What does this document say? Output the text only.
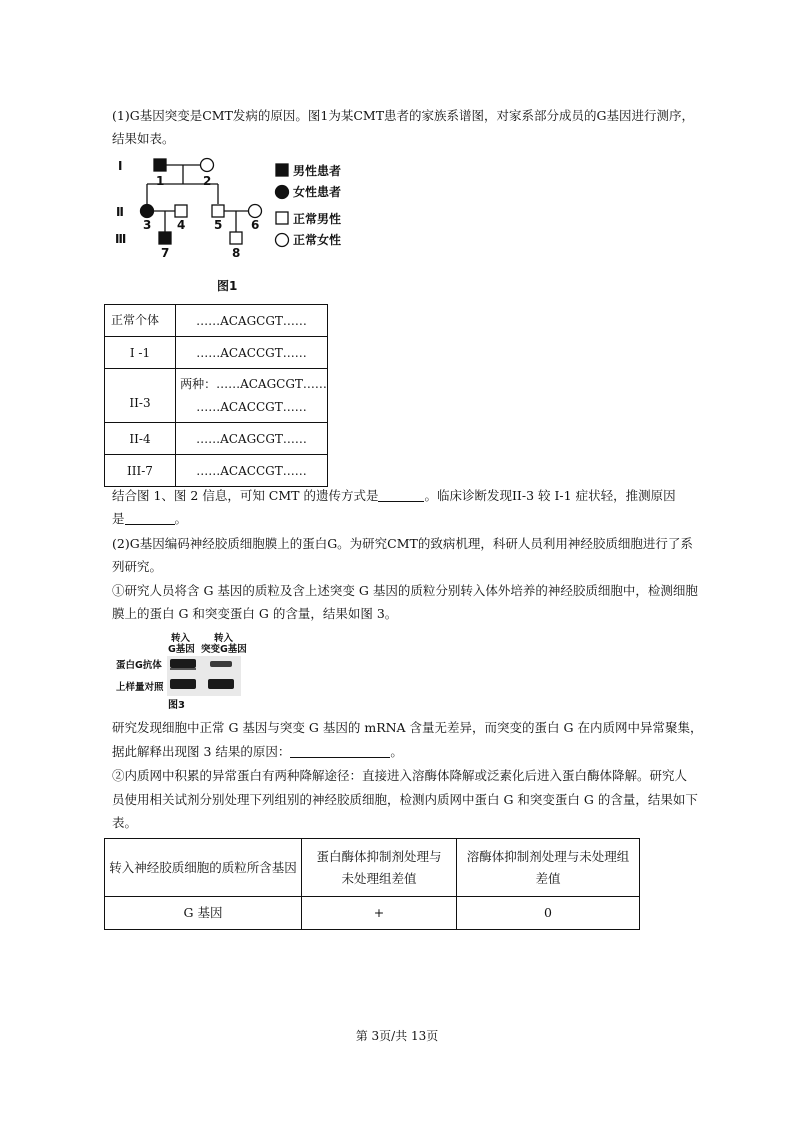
(1)G基因突变是CMT发病的原因。图1为某CMT患者的家族系谱图，对家系部分成员的G基因进行测序，
结果如表。
Ⅰ
Ⅱ
Ⅲ
1	2
3 4 5 6
7	8
男性患者
女性患者
正常男性
正常女性
图1
正常个体	……ACAGCGT……
I -1	……ACACCGT……
II-3	两种：……ACAGCGT……
……ACACCGT……

II-4	……ACAGCGT……
III-7	……ACACCGT……
结合图 1、图 2 信息，可知 CMT 的遗传方式是	。临床诊断发现II-3 较 I-1 症状轻，推测原因
是	。
(2)G基因编码神经胶质细胞膜上的蛋白G。为研究CMT的致病机理，科研人员利用神经胶质细胞进行了系
列研究。
①研究人员将含 G 基因的质粒及含上述突变 G 基因的质粒分别转入体外培养的神经胶质细胞中，检测细胞
膜上的蛋白 G 和突变蛋白 G 的含量，结果如图 3。
转入
G基因
转入
突变G基因
蛋白G抗体
上样量对照
图3
研究发现细胞中正常 G 基因与突变 G 基因的 mRNA 含量无差异，而突变的蛋白 G 在内质网中异常聚集，
据此解释出现图 3 结果的原因：	。
②内质网中积累的异常蛋白有两种降解途径：直接进入溶酶体降解或泛素化后进入蛋白酶体降解。研究人
员使用相关试剂分别处理下列组别的神经胶质细胞，检测内质网中蛋白 G 和突变蛋白 G 的含量，结果如下
表。
转入神经胶质细胞的质粒所含基因	蛋白酶体抑制剂处理与未处理组差值	溶酶体抑制剂处理与未处理组差值
G 基因	+	0
第 3页/共 13页
